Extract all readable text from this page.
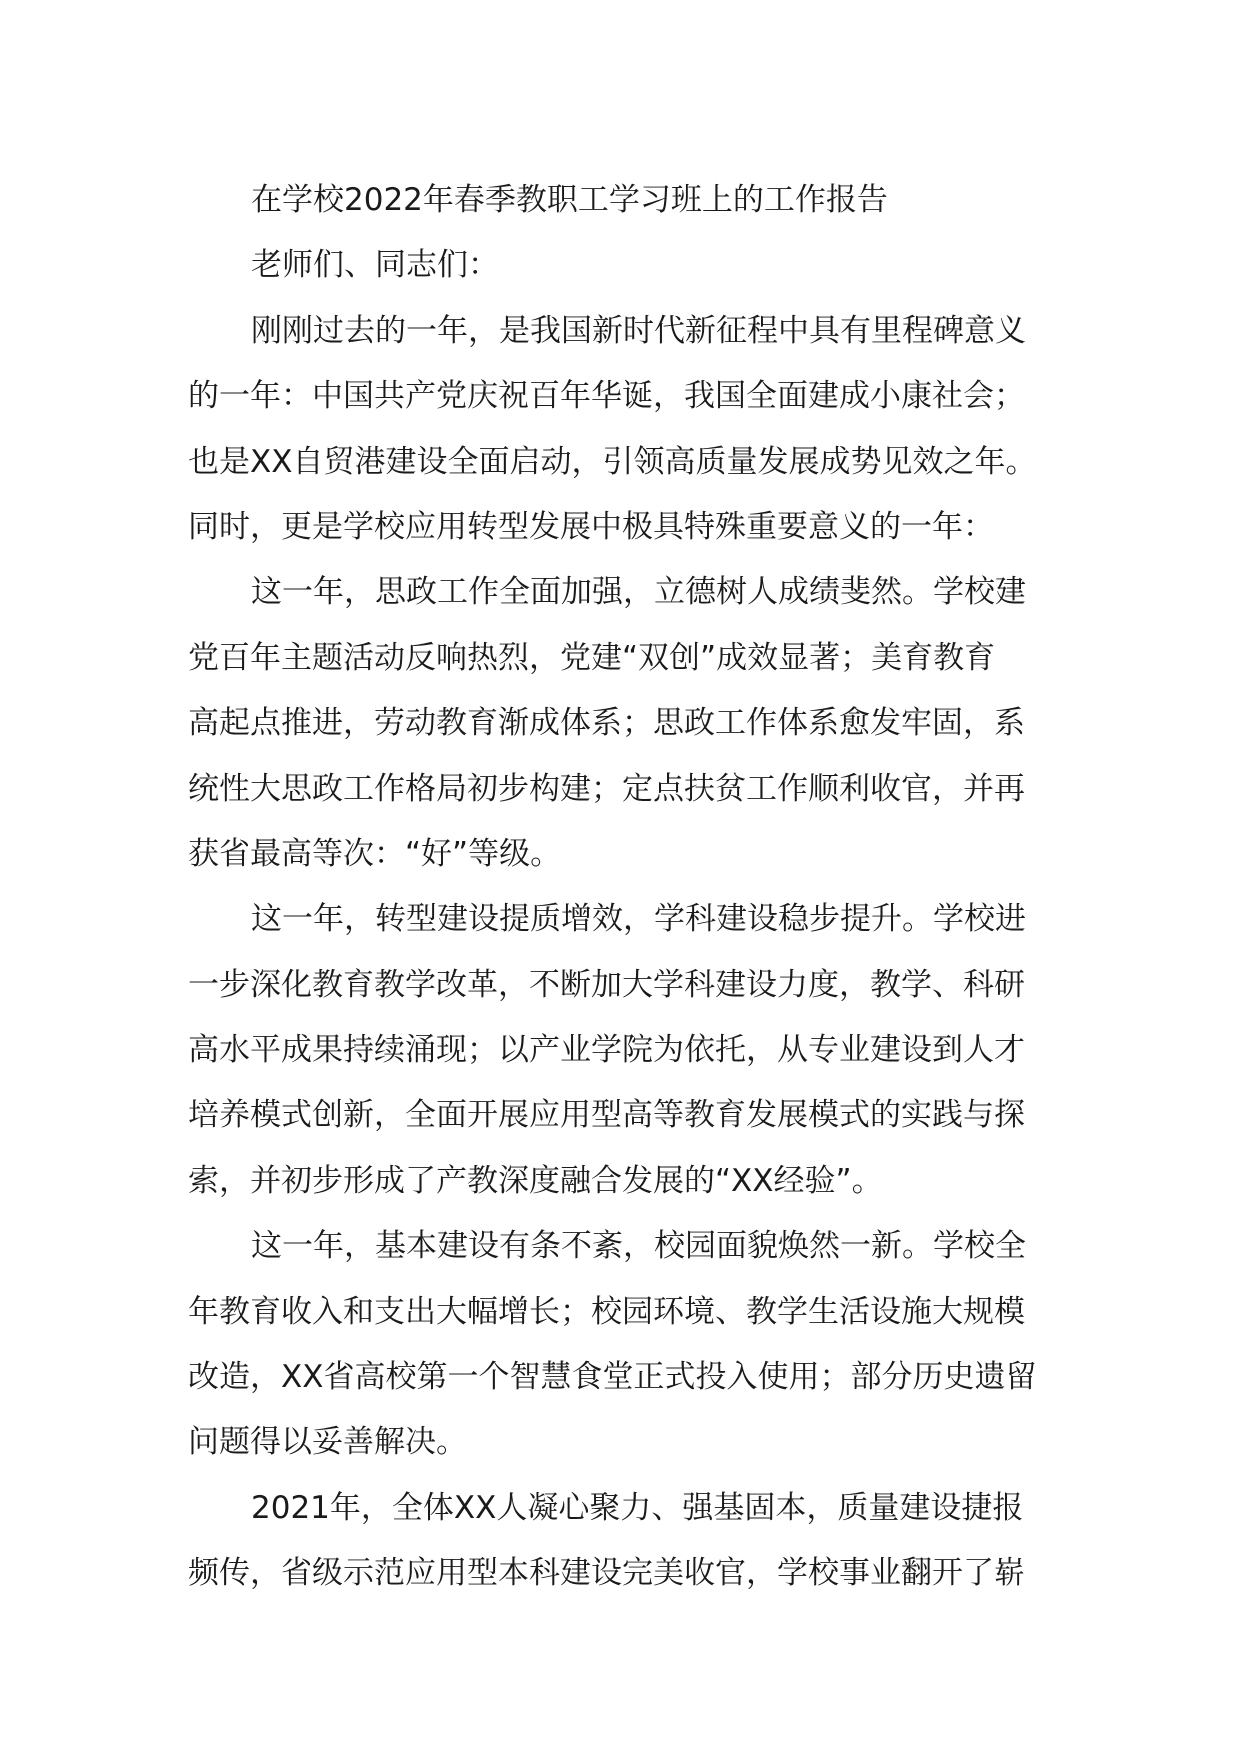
在学校2022年春季教职工学习班上的工作报告
老师们、同志们：
刚刚过去的一年，是我国新时代新征程中具有里程碑意义
的一年：中国共产党庆祝百年华诞，我国全面建成小康社会；
也是XX自贸港建设全面启动，引领高质量发展成势见效之年。
同时，更是学校应用转型发展中极具特殊重要意义的一年：
这一年，思政工作全面加强，立德树人成绩斐然。学校建
党百年主题活动反响热烈，党建“双创”成效显著；美育教育
高起点推进，劳动教育渐成体系；思政工作体系愈发牢固，系
统性大思政工作格局初步构建；定点扶贫工作顺利收官，并再
获省最高等次：“好”等级。
这一年，转型建设提质增效，学科建设稳步提升。学校进
一步深化教育教学改革，不断加大学科建设力度，教学、科研
高水平成果持续涌现；以产业学院为依托，从专业建设到人才
培养模式创新，全面开展应用型高等教育发展模式的实践与探
索，并初步形成了产教深度融合发展的“XX经验”。
这一年，基本建设有条不紊，校园面貌焕然一新。学校全
年教育收入和支出大幅增长；校园环境、教学生活设施大规模
改造，XX省高校第一个智慧食堂正式投入使用；部分历史遗留
问题得以妥善解决。
2021年，全体XX人凝心聚力、强基固本，质量建设捷报
频传，省级示范应用型本科建设完美收官，学校事业翻开了崭
